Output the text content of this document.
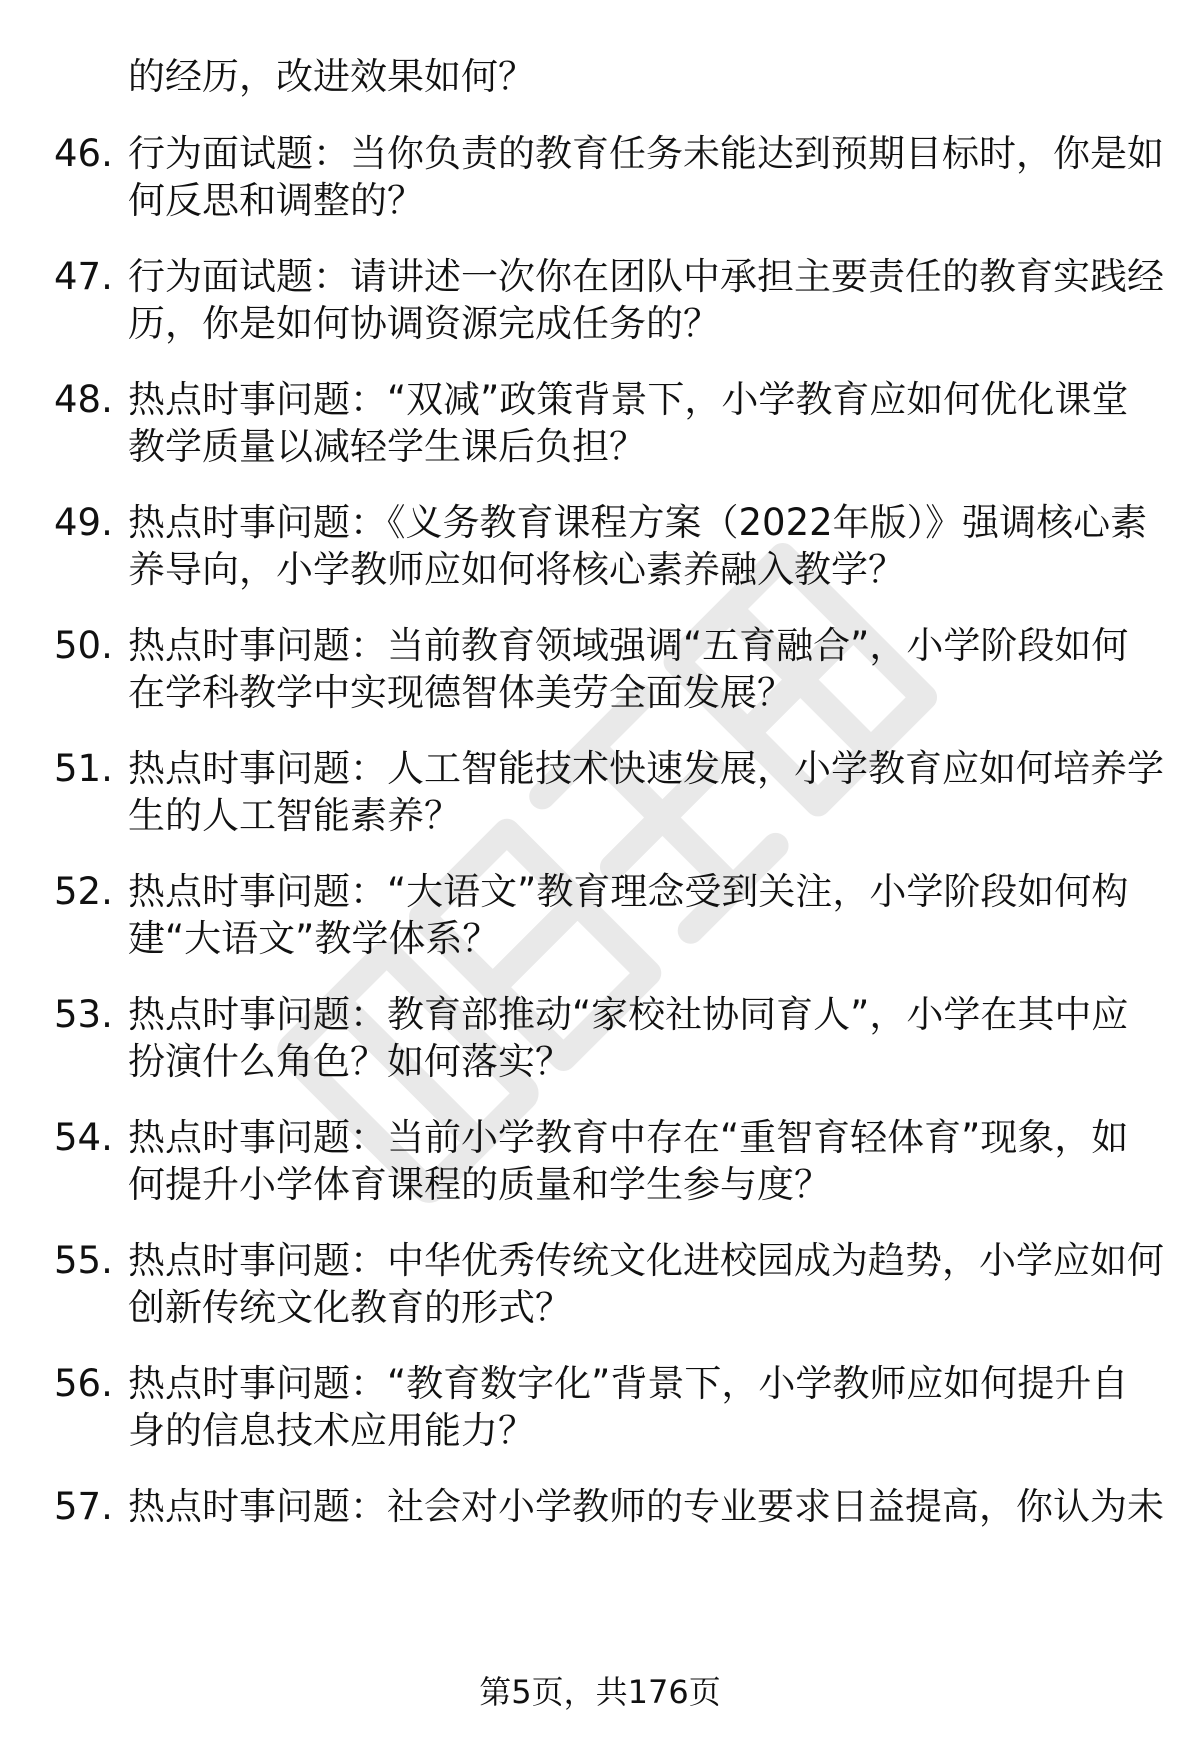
的经历，改进效果如何？
46. 行为面试题：当你负责的教育任务未能达到预期目标时，你是如
何反思和调整的？
47. 行为面试题：请讲述一次你在团队中承担主要责任的教育实践经
历，你是如何协调资源完成任务的？
48. 热点时事问题：“双减”政策背景下，小学教育应如何优化课堂
教学质量以减轻学生课后负担？
49. 热点时事问题：《义务教育课程方案（2022年版）》强调核心素
养导向，小学教师应如何将核心素养融入教学？
50. 热点时事问题：当前教育领域强调“五育融合”，小学阶段如何
在学科教学中实现德智体美劳全面发展？
51. 热点时事问题：人工智能技术快速发展，小学教育应如何培养学
生的人工智能素养？
52. 热点时事问题：“大语文”教育理念受到关注，小学阶段如何构
建“大语文”教学体系？
53. 热点时事问题：教育部推动“家校社协同育人”，小学在其中应
扮演什么角色？如何落实？
54. 热点时事问题：当前小学教育中存在“重智育轻体育”现象，如
何提升小学体育课程的质量和学生参与度？
55. 热点时事问题：中华优秀传统文化进校园成为趋势，小学应如何
创新传统文化教育的形式？
56. 热点时事问题：“教育数字化”背景下，小学教师应如何提升自
身的信息技术应用能力？
57. 热点时事问题：社会对小学教师的专业要求日益提高，你认为未
第5页，共176页
